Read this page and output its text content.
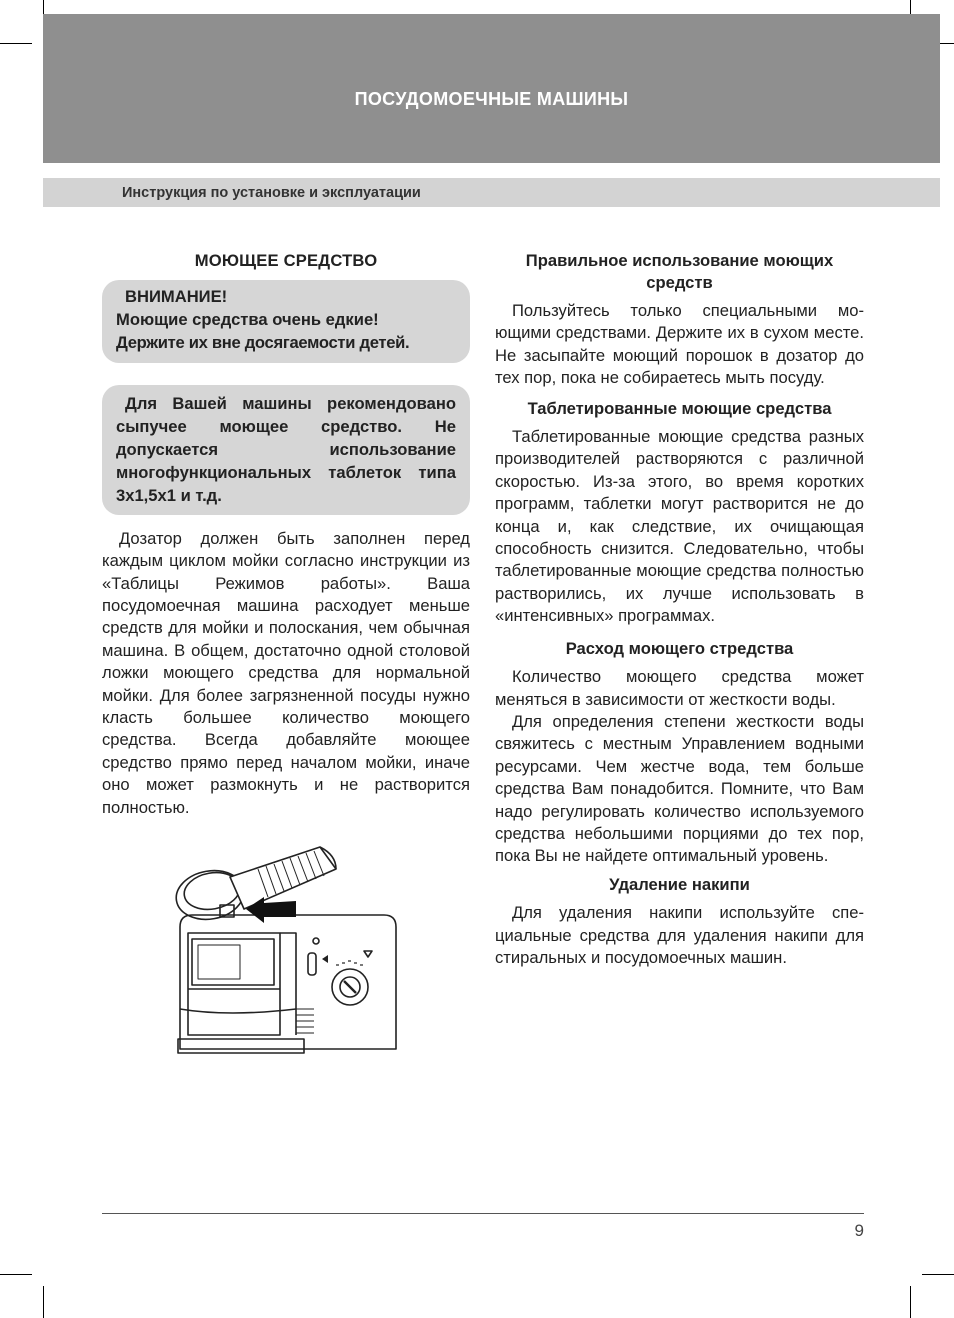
ПОСУДОМОЕЧНЫЕ МАШИНЫ
Инструкция по установке и эксплуатации
МОЮЩЕЕ СРЕДСТВО
ВНИМАНИЕ!
Моющие средства очень едкие!
Держите их вне досягаемости детей.

Для Вашей машины рекомендовано сыпучее моющее средство. Не допускается использование многофункциональных таблеток типа 3х1,5х1 и т.д.

Дозатор должен быть заполнен перед каждым циклом мойки согласно инструкции из «Таблицы Режимов работы». Ваша посудомоечная машина расходует меньше средств для мойки и полоскания, чем обычная машина. В общем, достаточно одной столовой ложки моющего средства для нормальной мойки. Для более загрязненной посуды нужно класть большее количество моющего средства. Всегда добавляйте моющее средство прямо перед началом мойки, иначе оно может размокнуть и не растворится полностью.

Правильное использование моющих средств

Пользуйтесь только специальными моющими средствами. Держите их в сухом месте. Не засыпайте моющий порошок в дозатор до тех пор, пока не собираетесь мыть посуду.

Таблетированные моющие средства

Таблетированные моющие средства разных производителей растворяются с различной скоростью. Из-за этого, во время коротких программ, таблетки могут растворится не до конца и, как следствие, их очищающая способность снизится. Следовательно, чтобы таблетированные моющие средства полностью растворились, их лучше использовать в «интенсивных» программах.

Расход моющего стредства

Количество моющего средства может меняться в зависимости от жесткости воды.

Для определения степени жесткости воды свяжитесь с местным Управлением водными ресурсами. Чем жестче вода, тем больше средства Вам понадобится. Помните, что Вам надо регулировать количество используемого средства небольшими порциями до тех пор, пока Вы не найдете оптимальный уровень.

Удаление накипи

Для удаления накипи используйте специальные средства для удаления накипи для стиральных и посудомоечных машин.

9
